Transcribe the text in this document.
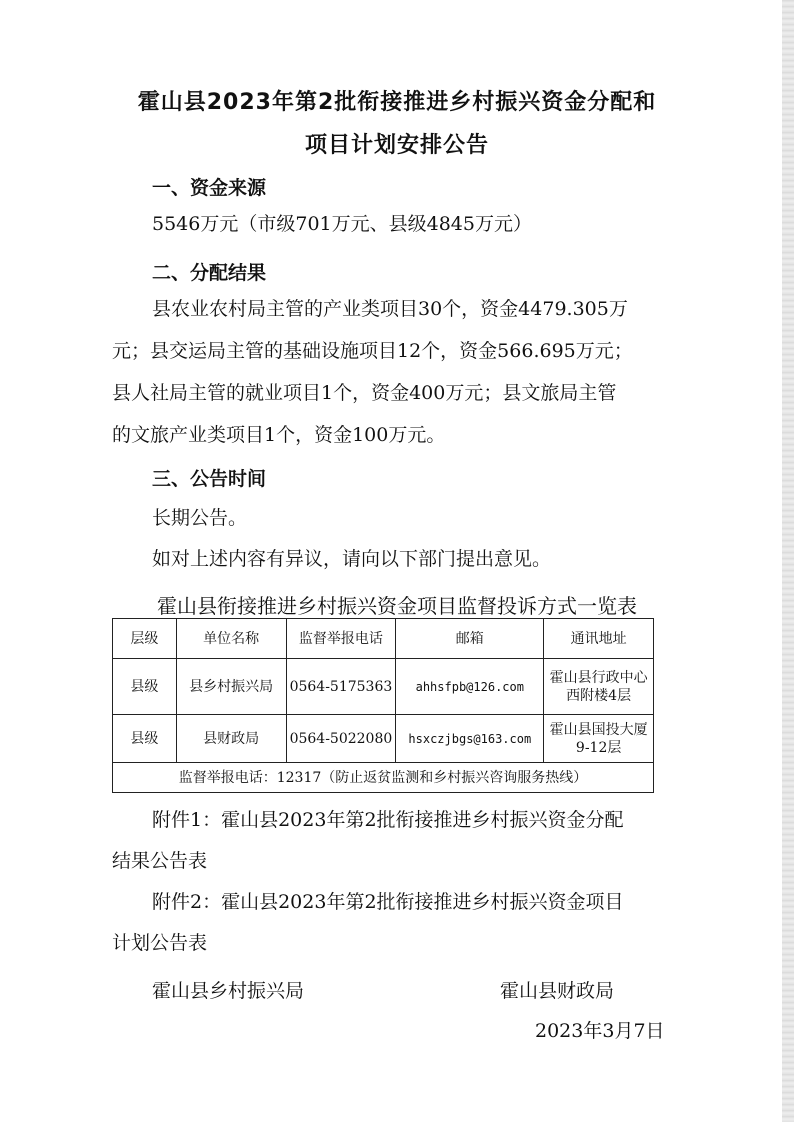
霍山县2023年第2批衔接推进乡村振兴资金分配和
项目计划安排公告
一、资金来源
5546万元（市级701万元、县级4845万元）
二、分配结果
县农业农村局主管的产业类项目30个，资金4479.305万
元；县交运局主管的基础设施项目12个，资金566.695万元；
县人社局主管的就业项目1个，资金400万元；县文旅局主管
的文旅产业类项目1个，资金100万元。
三、公告时间
长期公告。
如对上述内容有异议，请向以下部门提出意见。
霍山县衔接推进乡村振兴资金项目监督投诉方式一览表
层级	单位名称	监督举报电话	邮箱	通讯地址
县级	县乡村振兴局	0564-5175363	ahhsfpb@126.com	霍山县行政中心
西附楼4层

县级	县财政局	0564-5022080	hsxczjbgs@163.com	霍山县国投大厦
9-12层

监督举报电话：12317（防止返贫监测和乡村振兴咨询服务热线）				
附件1：霍山县2023年第2批衔接推进乡村振兴资金分配
结果公告表
附件2：霍山县2023年第2批衔接推进乡村振兴资金项目
计划公告表
霍山县乡村振兴局	霍山县财政局
2023年3月7日
